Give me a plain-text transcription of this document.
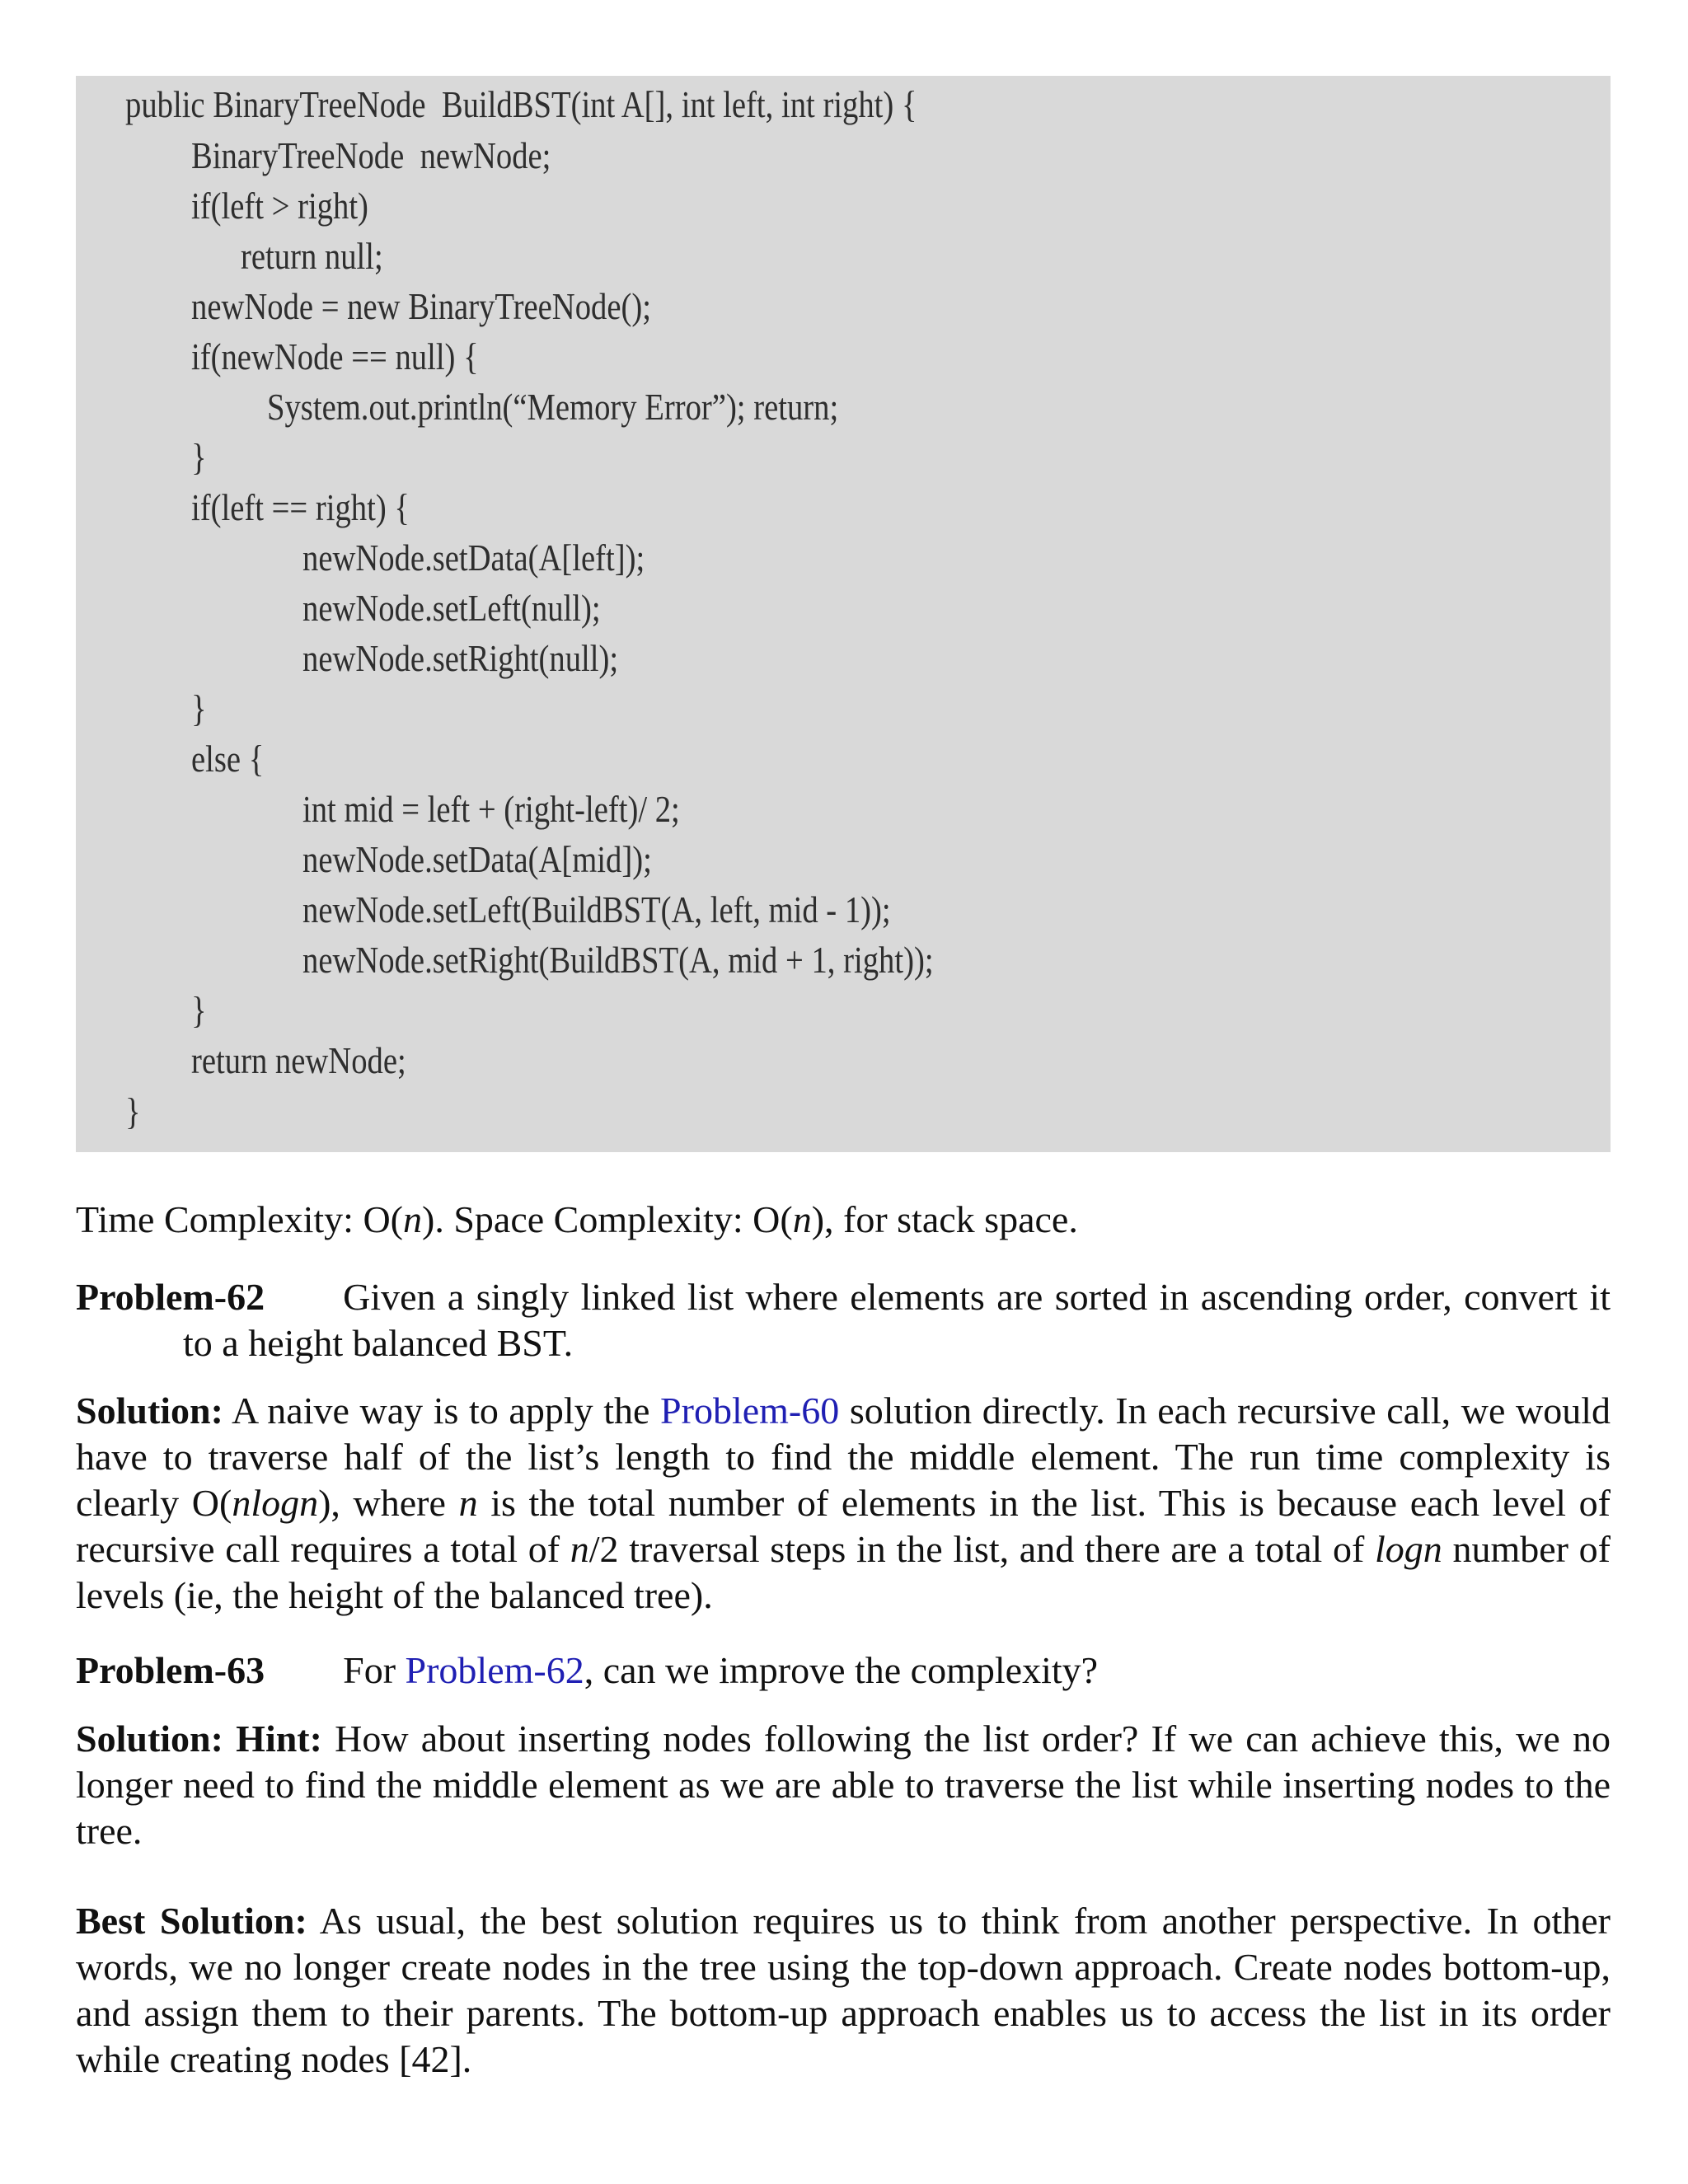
public BinaryTreeNode  BuildBST(int A[], int left, int right) {
BinaryTreeNode  newNode;
if(left > right)
return null;
newNode = new BinaryTreeNode();
if(newNode == null) {
System.out.println(“Memory Error”); return;
}
if(left == right) {
newNode.setData(A[left]);
newNode.setLeft(null);
newNode.setRight(null);
}
else {
int mid = left + (right-left)/ 2;
newNode.setData(A[mid]);
newNode.setLeft(BuildBST(A, left, mid - 1));
newNode.setRight(BuildBST(A, mid + 1, right));
}
return newNode;
}
Time Complexity: O(n). Space Complexity: O(n), for stack space.
Problem-62 Given a singly linked list where elements are sorted in ascending order, convert it to a height balanced BST.
Solution: A naive way is to apply the Problem-60 solution directly. In each recursive call, we would have to traverse half of the list’s length to find the middle element. The run time complexity is clearly O(nlogn), where n is the total number of elements in the list. This is because each level of recursive call requires a total of n/2 traversal steps in the list, and there are a total of logn number of levels (ie, the height of the balanced tree).
Problem-63 For Problem-62, can we improve the complexity?
Solution: Hint: How about inserting nodes following the list order? If we can achieve this, we no longer need to find the middle element as we are able to traverse the list while inserting nodes to the tree.
Best Solution: As usual, the best solution requires us to think from another perspective. In other words, we no longer create nodes in the tree using the top-down approach. Create nodes bottom-up, and assign them to their parents. The bottom-up approach enables us to access the list in its order while creating nodes [42].
